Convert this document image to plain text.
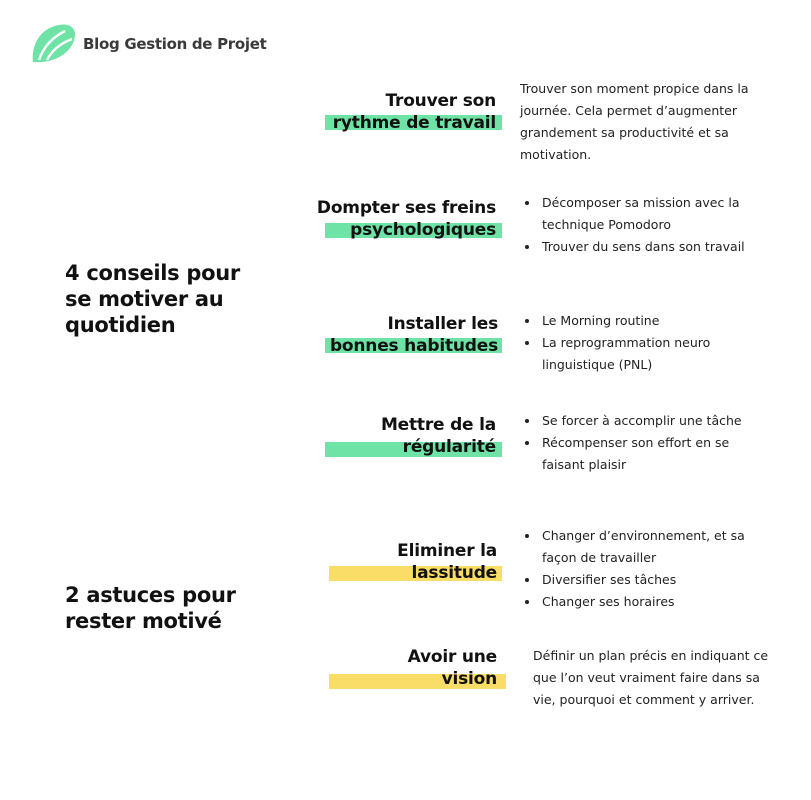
Blog Gestion de Projet
4 conseils pour
se motiver au
quotidien
2 astuces pour
rester motivé
Trouver son
rythme de travail

Trouver son moment propice dans la journée. Cela permet d’augmenter grandement sa productivité et sa motivation.

Dompter ses freins
psychologiques
• Décomposer sa mission avec la technique Pomodoro
• Trouver du sens dans son travail
Installer les
bonnes habitudes
• Le Morning routine
• La reprogrammation neuro linguistique (PNL)
Mettre de la
régularité
• Se forcer à accomplir une tâche
• Récompenser son effort en se faisant plaisir
Eliminer la
lassitude
• Changer d’environnement, et sa façon de travailler
• Diversifier ses tâches
• Changer ses horaires
Avoir une
vision

Définir un plan précis en indiquant ce que l’on veut vraiment faire dans sa vie, pourquoi et comment y arriver.
